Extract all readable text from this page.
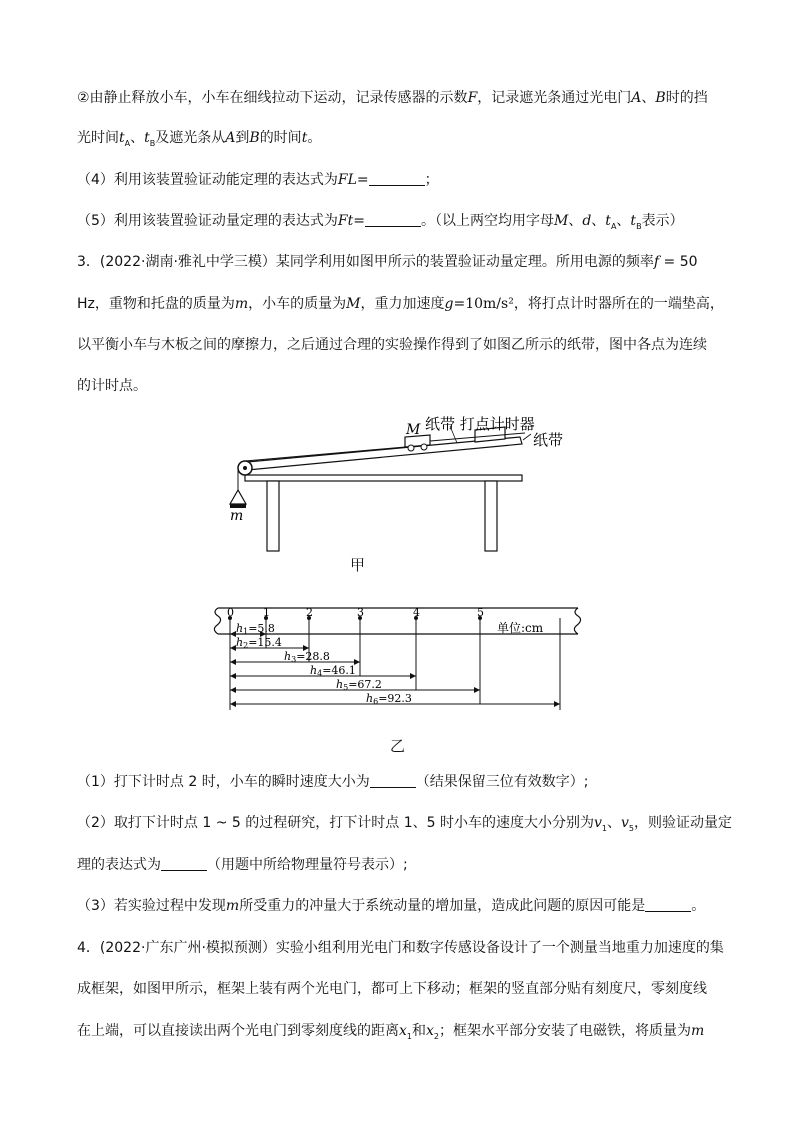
②由静止释放小车，小车在细线拉动下运动，记录传感器的示数F，记录遮光条通过光电门A、B时的挡
光时间$t_A$、$t_B$及遮光条从A到B的时间t。
（4）利用该装置验证动能定理的表达式为FL=	；
（5）利用该装置验证动量定理的表达式为Ft=	。（以上两空均用字母M、d、$t_A$、$t_B$表示）
3．(2022·湖南·雅礼中学三模）某同学利用如图甲所示的装置验证动量定理。所用电源的频率f = 50
Hz，重物和托盘的质量为m，小车的质量为M，重力加速度g=10m/s²，将打点计时器所在的一端垫高，
以平衡小车与木板之间的摩擦力，之后通过合理的实验操作得到了如图乙所示的纸带，图中各点为连续
的计时点。
纸带 打点计时器
纸带
M
m
甲
单位:cm
0	1	2	3	4	5
h1=5.8
h2=15.4
h3=28.8
h4=46.1
h5=67.2
h6=92.3
乙
（1）打下计时点 2 时，小车的瞬时速度大小为	（结果保留三位有效数字）;
（2）取打下计时点 1 ~ 5 的过程研究，打下计时点 1、5 时小车的速度大小分别为$v_1$、$v_5$，则验证动量定
理的表达式为	（用题中所给物理量符号表示）;
（3）若实验过程中发现m所受重力的冲量大于系统动量的增加量，造成此问题的原因可能是	。
4．(2022·广东广州·模拟预测）实验小组利用光电门和数字传感设备设计了一个测量当地重力加速度的集
成框架，如图甲所示，框架上装有两个光电门，都可上下移动；框架的竖直部分贴有刻度尺，零刻度线
在上端，可以直接读出两个光电门到零刻度线的距离$x_1$和$x_2$；框架水平部分安装了电磁铁，将质量为m
